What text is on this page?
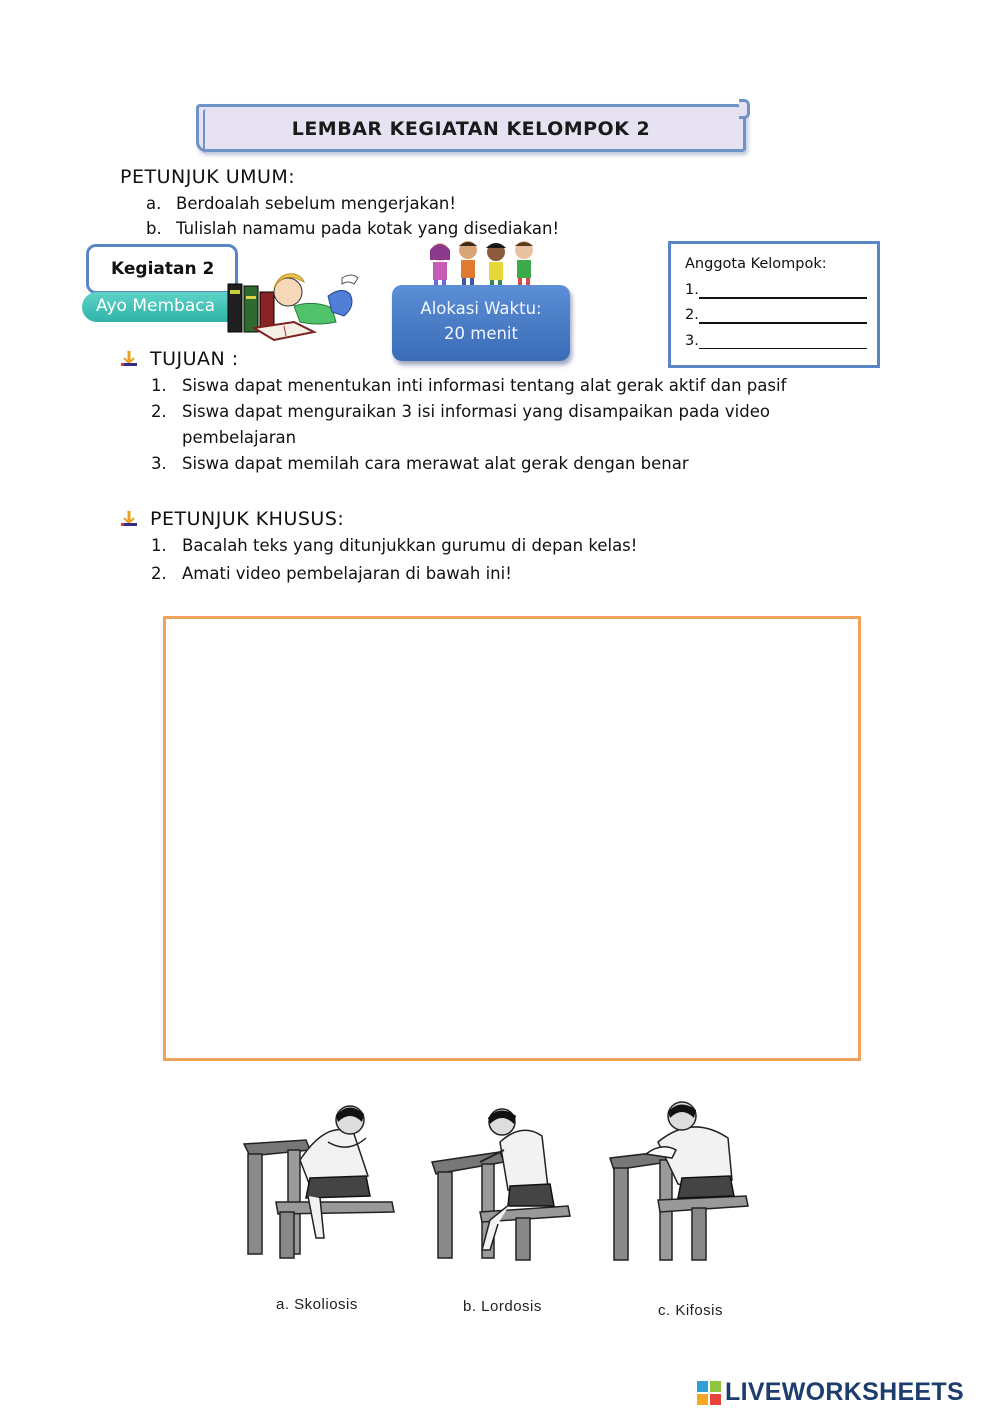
LEMBAR KEGIATAN KELOMPOK 2
PETUNJUK UMUM:
a. Berdoalah sebelum mengerjakan!
b. Tulislah namamu pada kotak yang disediakan!
Kegiatan 2
Ayo Membaca	Alokasi Waktu:
20 menit
Anggota Kelompok:
1.
2.
3.
TUJUAN :
1. Siswa dapat menentukan inti informasi tentang alat gerak aktif dan pasif
2. Siswa dapat menguraikan 3 isi informasi yang disampaikan pada video
pembelajaran
3. Siswa dapat memilah cara merawat alat gerak dengan benar
PETUNJUK KHUSUS:
1. Bacalah teks yang ditunjukkan gurumu di depan kelas!
2. Amati video pembelajaran di bawah ini!
a. Skoliosis	b. Lordosis	c. Kifosis
LIVEWORKSHEETS
